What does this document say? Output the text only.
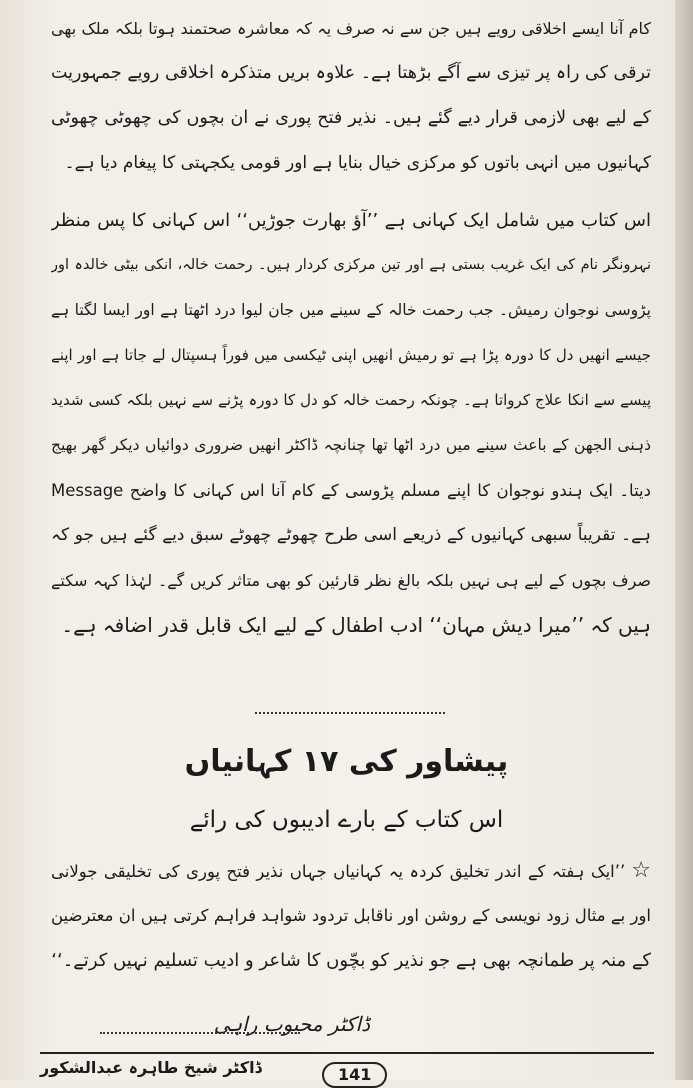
کام آنا ایسے اخلاقی رویے ہیں جن سے نہ صرف یہ کہ معاشرہ صحتمند ہوتا بلکہ ملک بھی
ترقی کی راہ پر تیزی سے آگے بڑھتا ہے۔ علاوہ بریں متذکرہ اخلاقی رویے جمہوریت
کے لیے بھی لازمی قرار دیے گئے ہیں۔ نذیر فتح پوری نے ان بچوں کی چھوٹی چھوٹی
کہانیوں میں انہی باتوں کو مرکزی خیال بنایا ہے اور قومی یکجہتی کا پیغام دیا ہے۔
اس کتاب میں شامل ایک کہانی ہے ’’آؤ بھارت جوڑیں‘‘ اس کہانی کا پس منظر
نہرونگر نام کی ایک غریب بستی ہے اور تین مرکزی کردار ہیں۔ رحمت خالہ، انکی بیٹی خالدہ اور
پڑوسی نوجوان رمیش۔ جب رحمت خالہ کے سینے میں جان لیوا درد اٹھتا ہے اور ایسا لگتا ہے
جیسے انھیں دل کا دورہ پڑا ہے تو رمیش انھیں اپنی ٹیکسی میں فوراً ہسپتال لے جاتا ہے اور اپنے
پیسے سے انکا علاج کرواتا ہے۔ چونکہ رحمت خالہ کو دل کا دورہ پڑنے سے نہیں بلکہ کسی شدید
ذہنی الجھن کے باعث سینے میں درد اٹھا تھا چنانچہ ڈاکٹر انھیں ضروری دوائیاں دیکر گھر بھیج
دیتا۔ ایک ہندو نوجوان کا اپنے مسلم پڑوسی کے کام آنا اس کہانی کا واضح Message
ہے۔ تقریباً سبھی کہانیوں کے ذریعے اسی طرح چھوٹے چھوٹے سبق دیے گئے ہیں جو کہ
صرف بچوں کے لیے ہی نہیں بلکہ بالغ نظر قارئین کو بھی متاثر کریں گے۔ لہٰذا کہہ سکتے
ہیں کہ ’’میرا دیش مہان‘‘ ادب اطفال کے لیے ایک قابل قدر اضافہ ہے۔
پیشاور کی ۱۷ کہانیاں
اس کتاب کے بارے ادیبوں کی رائے
☆’’ایک ہفتہ کے اندر تخلیق کردہ یہ کہانیاں جہاں نذیر فتح پوری کی تخلیقی جولانی
اور بے مثال زود نویسی کے روشن اور ناقابل تردود شواہد فراہم کرتی ہیں ان معترضین
کے منہ پر طمانچہ بھی ہے جو نذیر کو بچّوں کا شاعر و ادیب تسلیم نہیں کرتے۔‘‘
ڈاکٹر محبوب راہی
ڈاکٹر شیخ طاہرہ عبدالشکور	141
